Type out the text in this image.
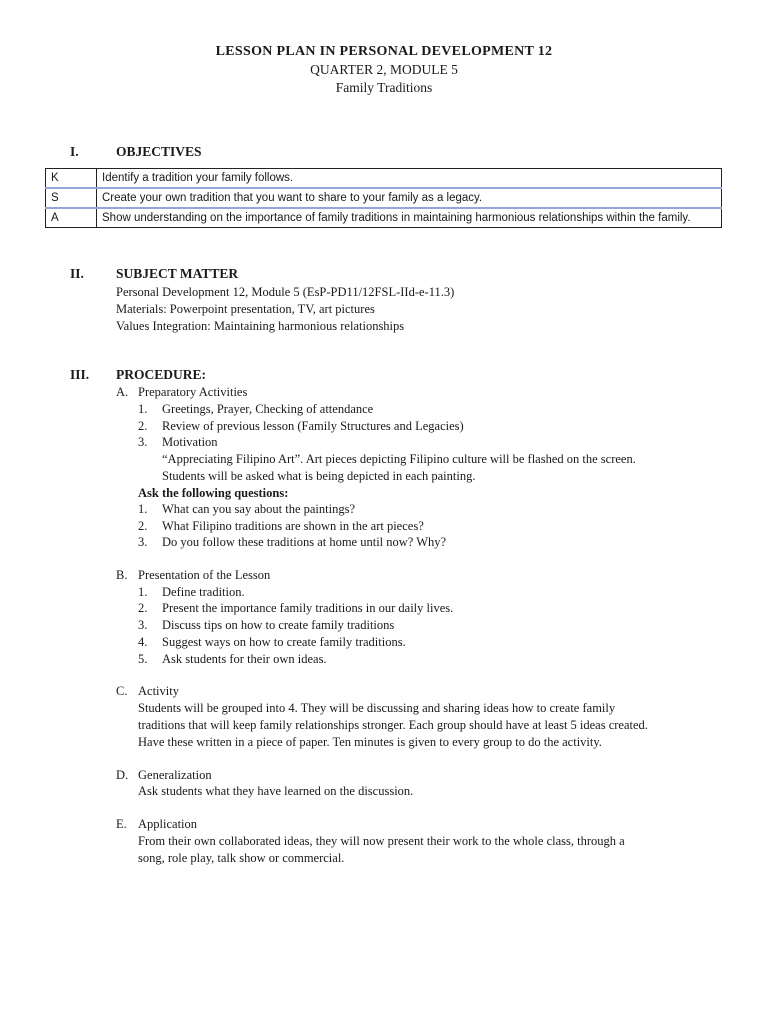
LESSON PLAN IN PERSONAL DEVELOPMENT 12
QUARTER 2, MODULE 5
Family Traditions
I.	OBJECTIVES
K	Identify a tradition your family follows.
S	Create your own tradition that you want to share to your family as a legacy.
A	Show understanding on the importance of family traditions in maintaining harmonious relationships within the family.
II. SUBJECT MATTER
Personal Development 12, Module 5 (EsP-PD11/12FSL-IId-e-11.3)
Materials: Powerpoint presentation, TV, art pictures
Values Integration: Maintaining harmonious relationships
III. PROCEDURE:
A. Preparatory Activities
1. Greetings, Prayer, Checking of attendance
2. Review of previous lesson (Family Structures and Legacies)
3. Motivation
“Appreciating Filipino Art”. Art pieces depicting Filipino culture will be flashed on the screen.
Students will be asked what is being depicted in each painting.
Ask the following questions:
1. What can you say about the paintings?
2. What Filipino traditions are shown in the art pieces?
3. Do you follow these traditions at home until now? Why?
B. Presentation of the Lesson
1. Define tradition.
2. Present the importance family traditions in our daily lives.
3. Discuss tips on how to create family traditions
4. Suggest ways on how to create family traditions.
5. Ask students for their own ideas.
C. Activity
Students will be grouped into 4. They will be discussing and sharing ideas how to create family
traditions that will keep family relationships stronger. Each group should have at least 5 ideas created.
Have these written in a piece of paper. Ten minutes is given to every group to do the activity.
D. Generalization
Ask students what they have learned on the discussion.
E. Application
From their own collaborated ideas, they will now present their work to the whole class, through a
song, role play, talk show or commercial.
